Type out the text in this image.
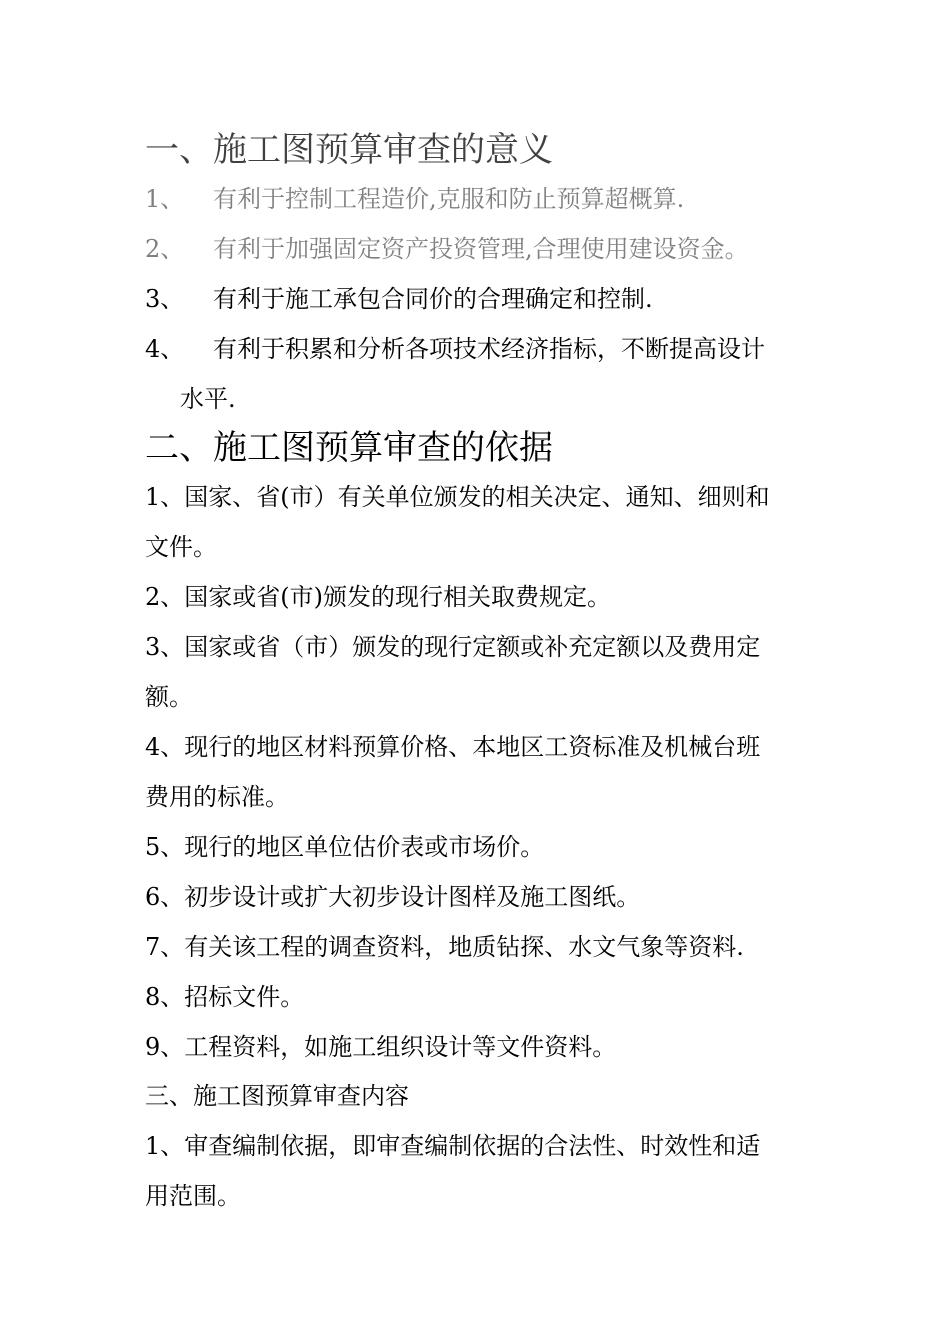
一、施工图预算审查的意义
1、 有利于控制工程造价,克服和防止预算超概算.
2、 有利于加强固定资产投资管理,合理使用建设资金。
3、 有利于施工承包合同价的合理确定和控制.
4、 有利于积累和分析各项技术经济指标，不断提高设计
水平.
二、施工图预算审查的依据
1、国家、省(市）有关单位颁发的相关决定、通知、细则和
文件。
2、国家或省(市)颁发的现行相关取费规定。
3、国家或省（市）颁发的现行定额或补充定额以及费用定
额。
4、现行的地区材料预算价格、本地区工资标准及机械台班
费用的标准。
5、现行的地区单位估价表或市场价。
6、初步设计或扩大初步设计图样及施工图纸。
7、有关该工程的调查资料，地质钻探、水文气象等资料.
8、招标文件。
9、工程资料，如施工组织设计等文件资料。
三、施工图预算审查内容
1、审查编制依据，即审查编制依据的合法性、时效性和适
用范围。
